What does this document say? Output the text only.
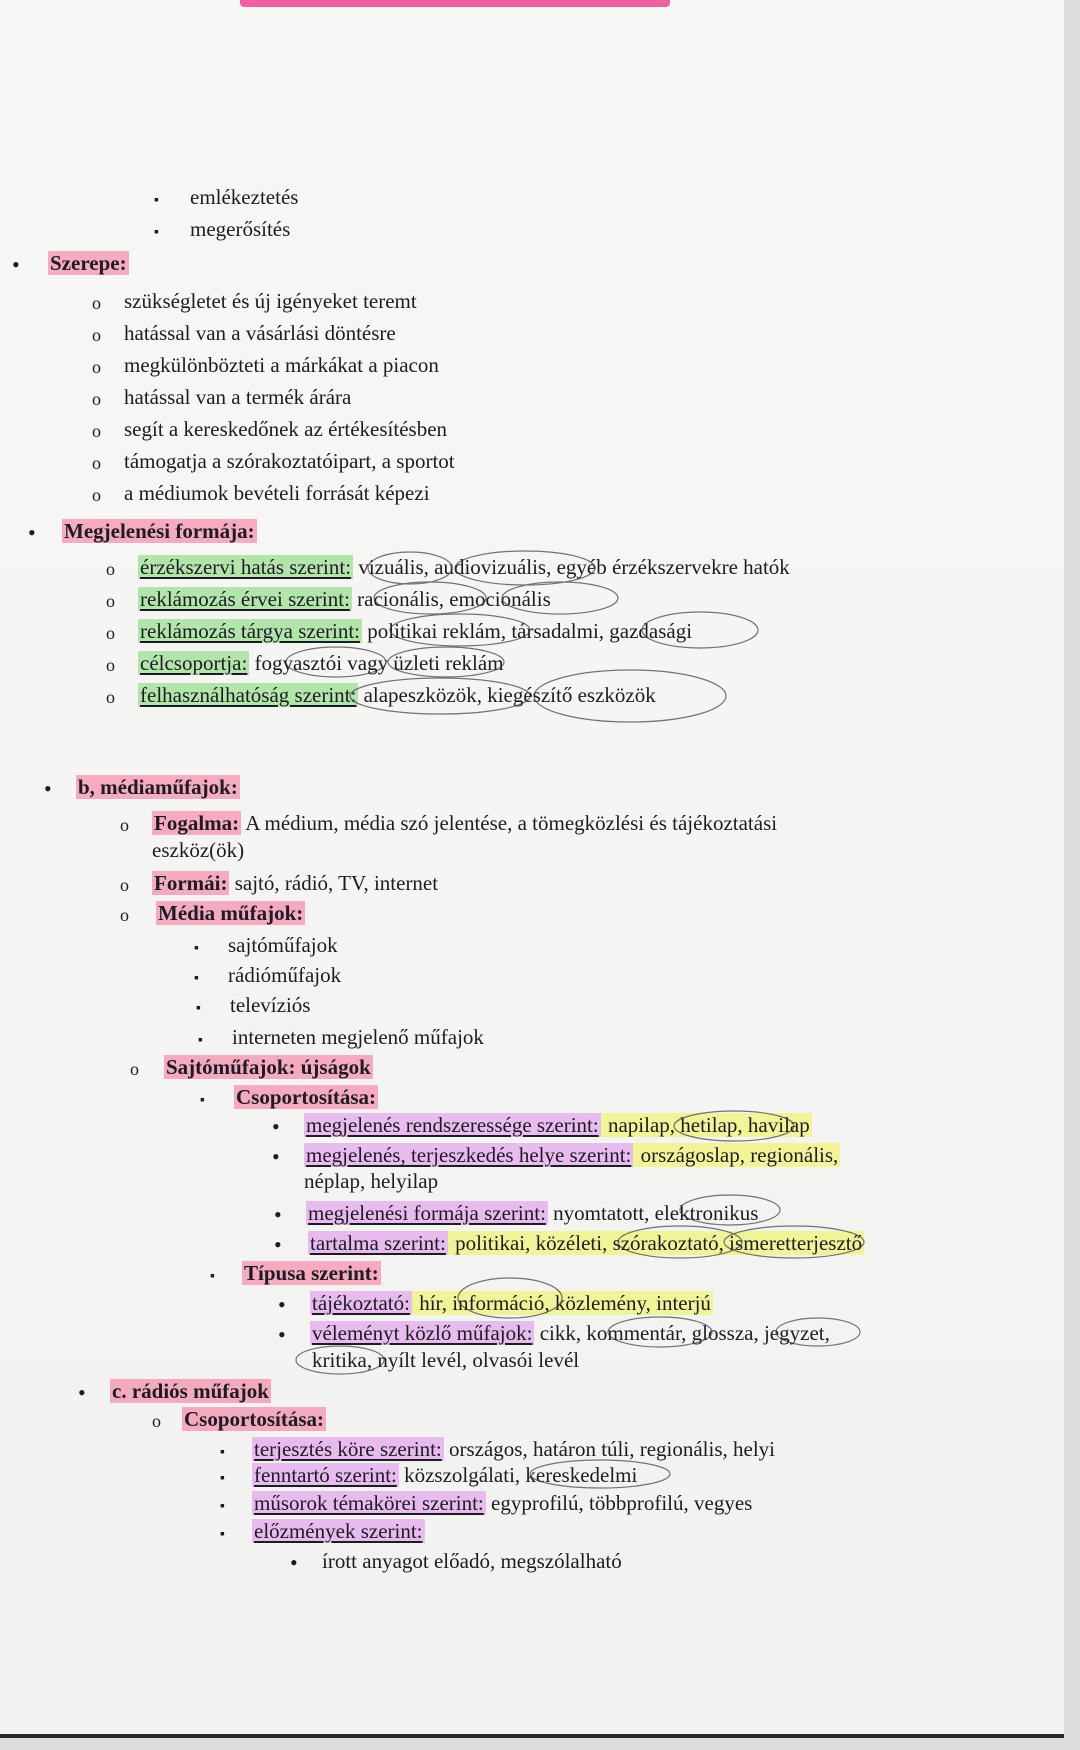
▪
emlékeztetés
▪
megerősítés
•
Szerepe:
o
szükségletet és új igényeket teremt
o
hatással van a vásárlási döntésre
o
megkülönbözteti a márkákat a piacon
o
hatással van a termék árára
o
segít a kereskedőnek az értékesítésben
o
támogatja a szórakoztatóipart, a sportot
o
a médiumok bevételi forrását képezi
•
Megjelenési formája:
o
érzékszervi hatás szerint: vizuális, audiovizuális, egyéb érzékszervekre hatók
o
reklámozás érvei szerint: racionális, emocionális
o
reklámozás tárgya szerint: politikai reklám, társadalmi, gazdasági
o
célcsoportja: fogyasztói vagy üzleti reklám
o
felhasználhatóság szerint: alapeszközök, kiegészítő eszközök
•
b, médiaműfajok:
o
Fogalma: A médium, média szó jelentése, a tömegközlési és tájékoztatási
eszköz(ök)
o
Formái: sajtó, rádió, TV, internet
o
Média műfajok:
▪
sajtóműfajok
▪
rádióműfajok
▪
televíziós
▪
interneten megjelenő műfajok
o
Sajtóműfajok: újságok
▪
Csoportosítása:
•
megjelenés rendszeressége szerint: napilap, hetilap, havilap
•
megjelenés, terjeszkedés helye szerint: országoslap, regionális,
néplap, helyilap
•
megjelenési formája szerint: nyomtatott, elektronikus
•
tartalma szerint: politikai, közéleti, szórakoztató, ismeretterjesztő
▪
Típusa szerint:
•
tájékoztató: hír, információ, közlemény, interjú
•
véleményt közlő műfajok: cikk, kommentár, glossza, jegyzet,
kritika, nyílt levél, olvasói levél
•
c. rádiós műfajok
o
Csoportosítása:
▪
terjesztés köre szerint: országos, határon túli, regionális, helyi
▪
fenntartó szerint: közszolgálati, kereskedelmi
▪
műsorok témakörei szerint: egyprofilú, többprofilú, vegyes
▪
előzmények szerint:
•
írott anyagot előadó, megszólalható
